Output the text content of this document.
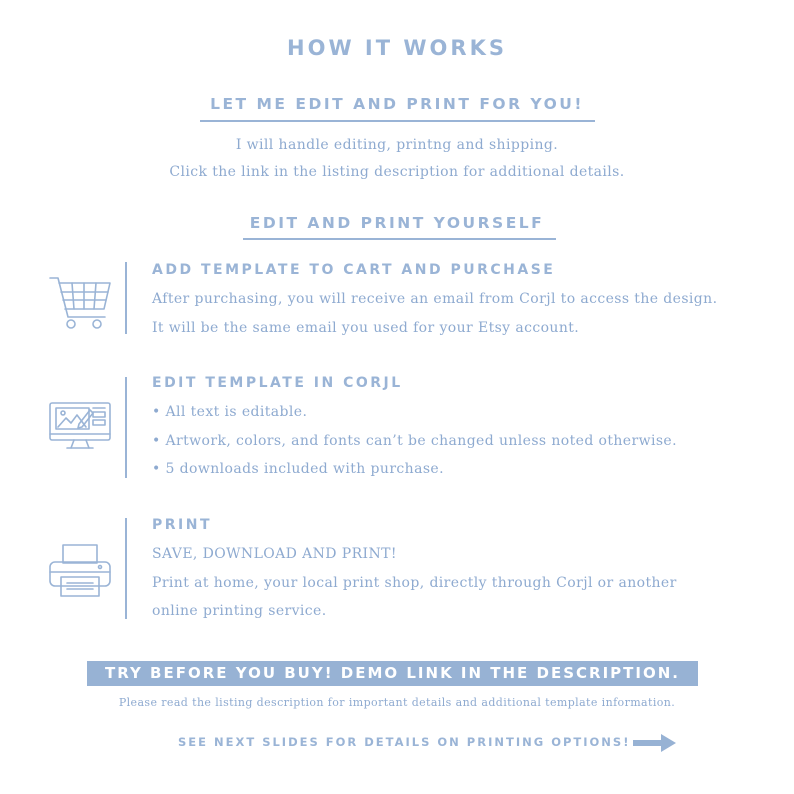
HOW IT WORKS
LET ME EDIT AND PRINT FOR YOU!
I will handle editing, printng and shipping.
Click the link in the listing description for additional details.
EDIT AND PRINT YOURSELF
ADD TEMPLATE TO CART AND PURCHASE
After purchasing, you will receive an email from Corjl to access the design.
It will be the same email you used for your Etsy account.
EDIT TEMPLATE IN CORJL
• All text is editable.
• Artwork, colors, and fonts can’t be changed unless noted otherwise.
• 5 downloads included with purchase.
PRINT
SAVE, DOWNLOAD AND PRINT!
Print at home, your local print shop, directly through Corjl or another
online printing service.
TRY BEFORE YOU BUY! DEMO LINK IN THE DESCRIPTION.
Please read the listing description for important details and additional template information.
SEE NEXT SLIDES FOR DETAILS ON PRINTING OPTIONS!
